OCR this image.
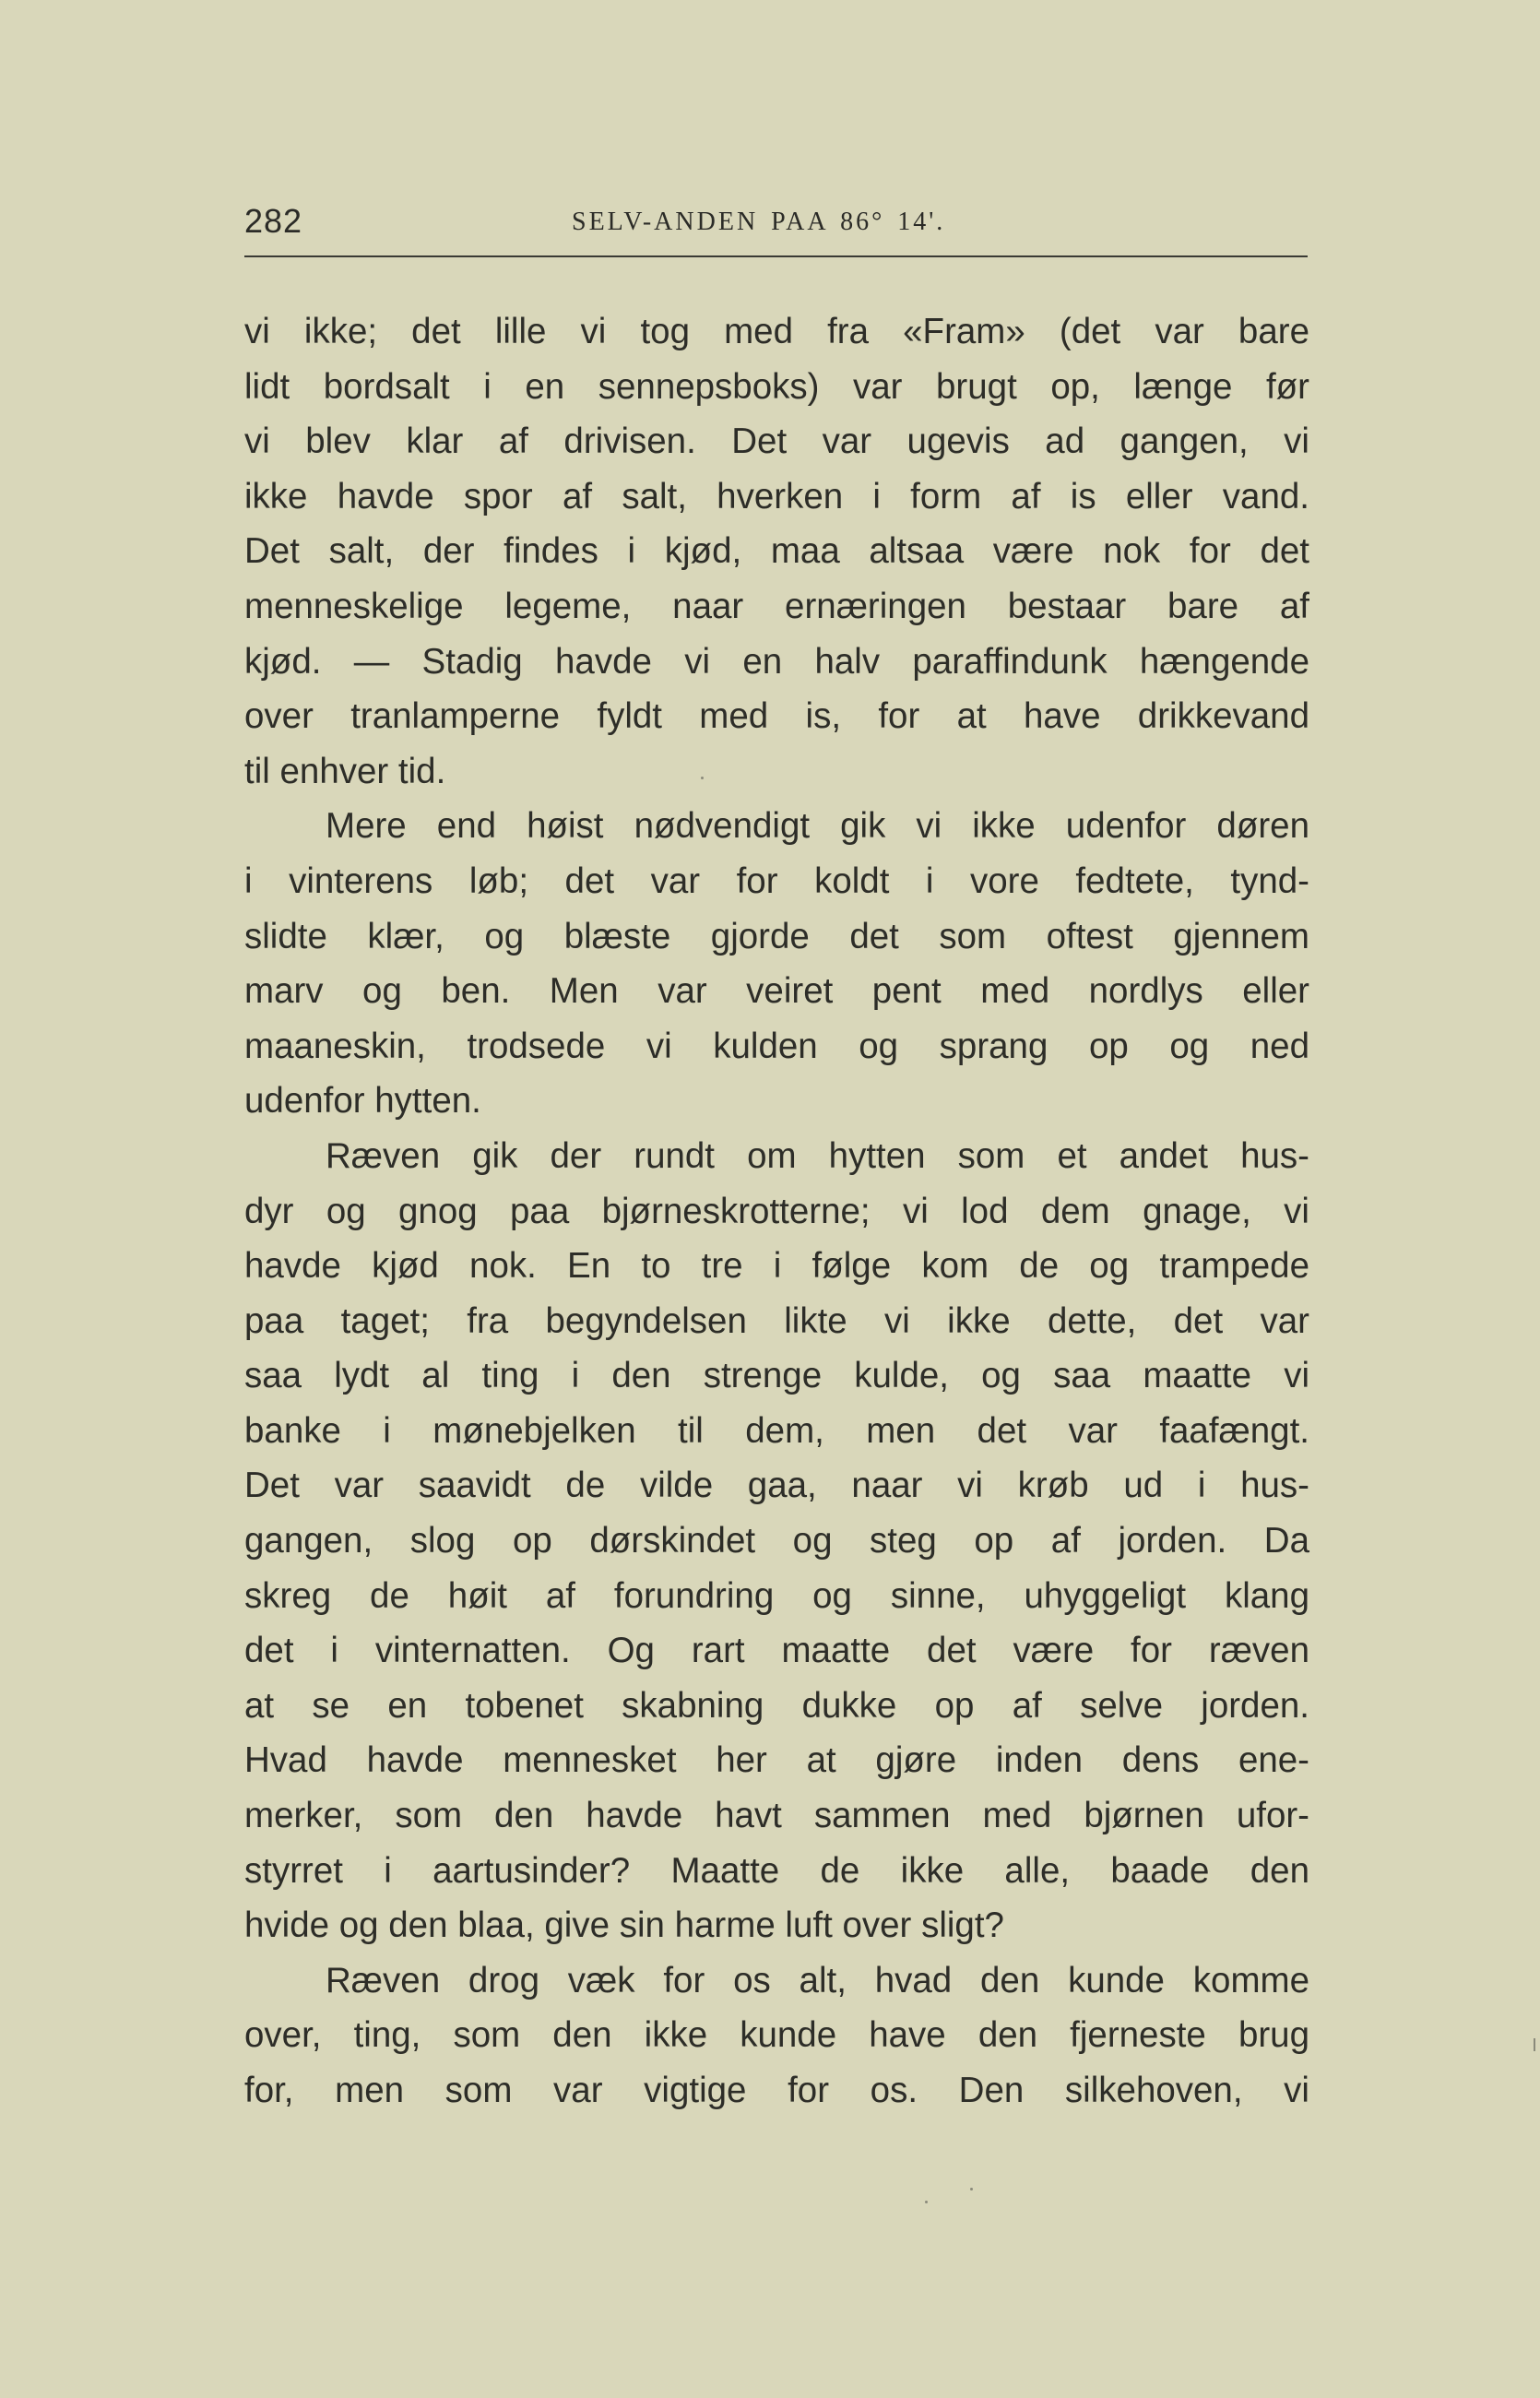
282	SELV-ANDEN PAA 86° 14'.
vi ikke; det lille vi tog med fra «Fram» (det var bare
lidt bordsalt i en sennepsboks) var brugt op, længe før
vi blev klar af drivisen. Det var ugevis ad gangen, vi
ikke havde spor af salt, hverken i form af is eller vand.
Det salt, der findes i kjød, maa altsaa være nok for det
menneskelige legeme, naar ernæringen bestaar bare af
kjød. — Stadig havde vi en halv paraffindunk hængende
over tranlamperne fyldt med is, for at have drikkevand
til enhver tid.
Mere end høist nødvendigt gik vi ikke udenfor døren
i vinterens løb; det var for koldt i vore fedtete, tynd-
slidte klær, og blæste gjorde det som oftest gjennem
marv og ben. Men var veiret pent med nordlys eller
maaneskin, trodsede vi kulden og sprang op og ned
udenfor hytten.
Ræven gik der rundt om hytten som et andet hus-
dyr og gnog paa bjørneskrotterne; vi lod dem gnage, vi
havde kjød nok. En to tre i følge kom de og trampede
paa taget; fra begyndelsen likte vi ikke dette, det var
saa lydt al ting i den strenge kulde, og saa maatte vi
banke i mønebjelken til dem, men det var faafængt.
Det var saavidt de vilde gaa, naar vi krøb ud i hus-
gangen, slog op dørskindet og steg op af jorden. Da
skreg de høit af forundring og sinne, uhyggeligt klang
det i vinternatten. Og rart maatte det være for ræven
at se en tobenet skabning dukke op af selve jorden.
Hvad havde mennesket her at gjøre inden dens ene-
merker, som den havde havt sammen med bjørnen ufor-
styrret i aartusinder? Maatte de ikke alle, baade den
hvide og den blaa, give sin harme luft over sligt?
Ræven drog væk for os alt, hvad den kunde komme
over, ting, som den ikke kunde have den fjerneste brug
for, men som var vigtige for os. Den silkehoven, vi
